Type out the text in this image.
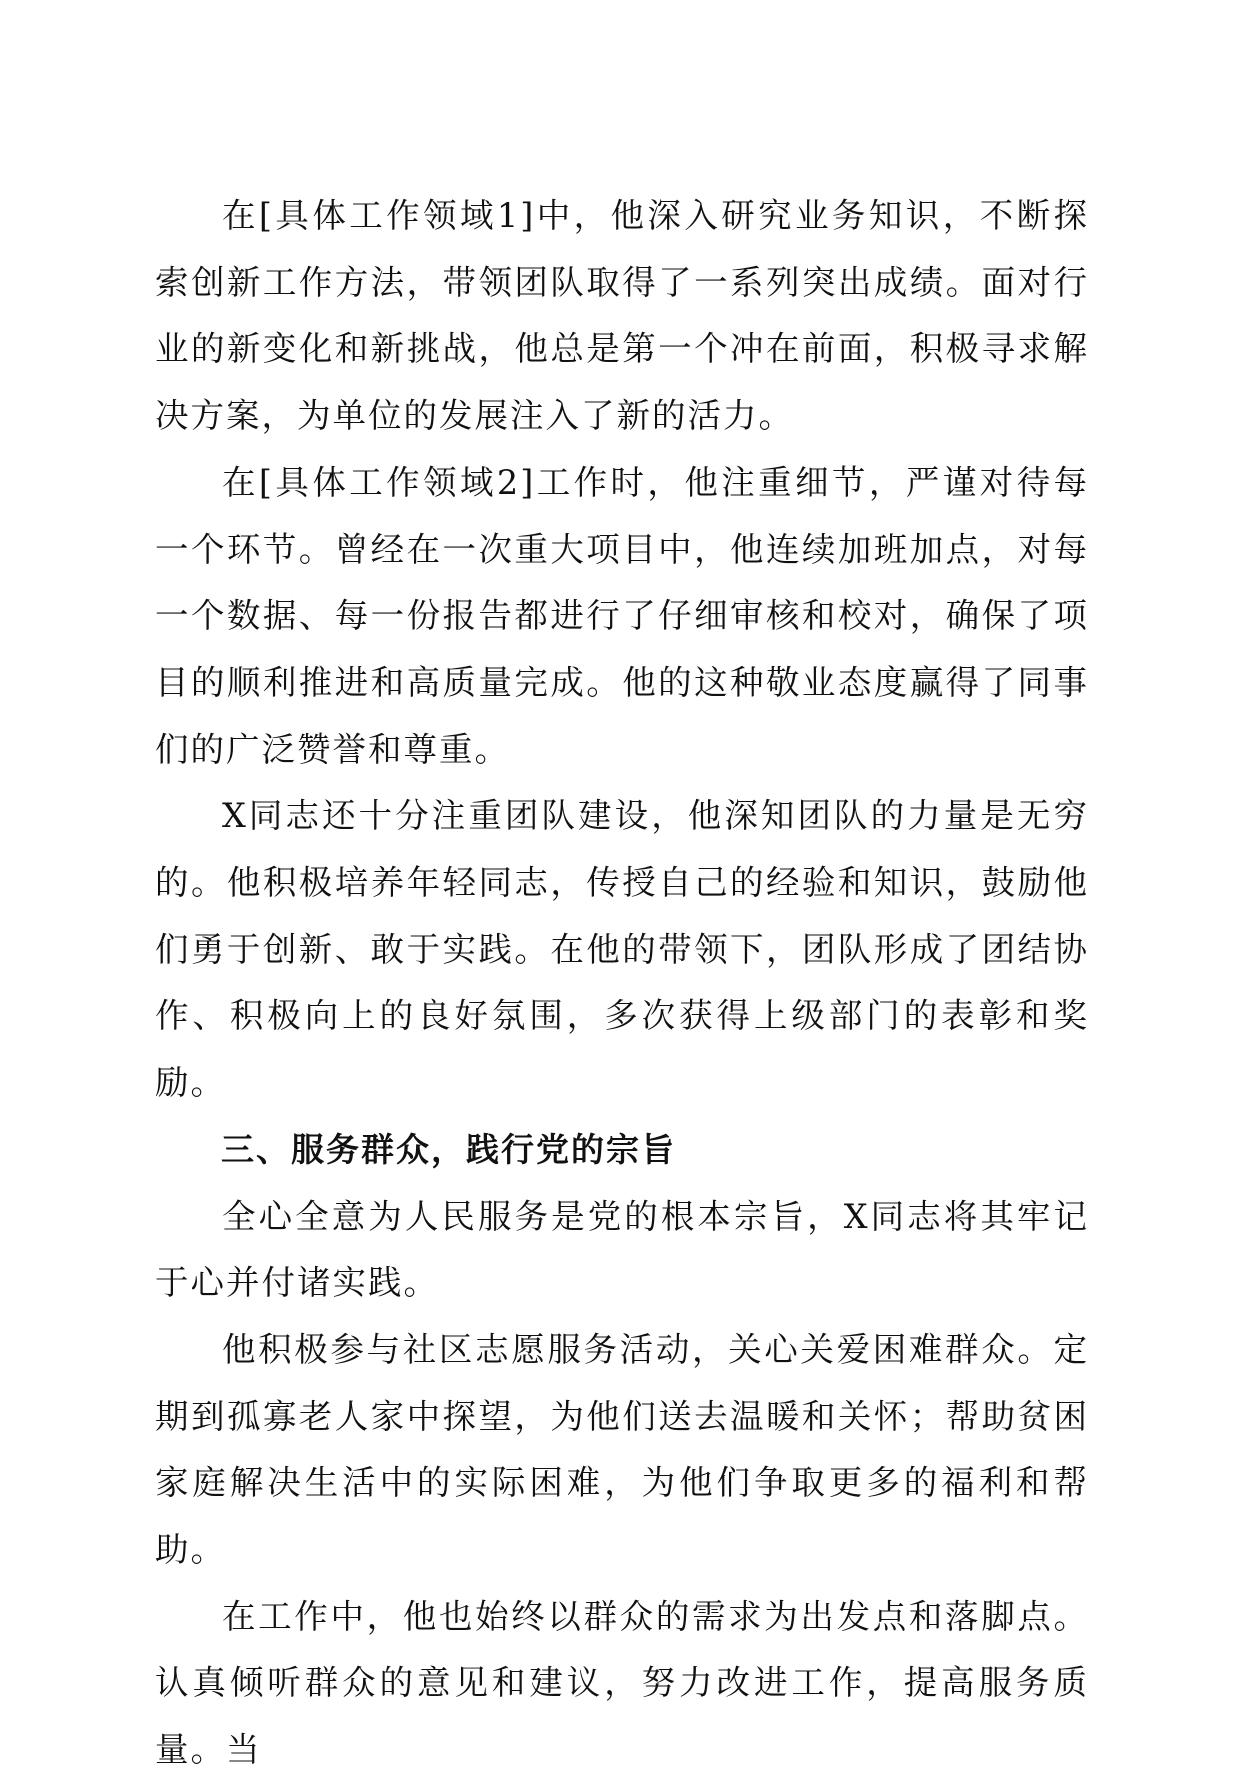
在[具体工作领域1]中，他深入研究业务知识，不断探索创新工作方法，带领团队取得了一系列突出成绩。面对行业的新变化和新挑战，他总是第一个冲在前面，积极寻求解决方案，为单位的发展注入了新的活力。

在[具体工作领域2]工作时，他注重细节，严谨对待每一个环节。曾经在一次重大项目中，他连续加班加点，对每一个数据、每一份报告都进行了仔细审核和校对，确保了项目的顺利推进和高质量完成。他的这种敬业态度赢得了同事们的广泛赞誉和尊重。

X同志还十分注重团队建设，他深知团队的力量是无穷的。他积极培养年轻同志，传授自己的经验和知识，鼓励他们勇于创新、敢于实践。在他的带领下，团队形成了团结协作、积极向上的良好氛围，多次获得上级部门的表彰和奖励。

三、服务群众，践行党的宗旨

全心全意为人民服务是党的根本宗旨，X同志将其牢记于心并付诸实践。

他积极参与社区志愿服务活动，关心关爱困难群众。定期到孤寡老人家中探望，为他们送去温暖和关怀；帮助贫困家庭解决生活中的实际困难，为他们争取更多的福利和帮助。

在工作中，他也始终以群众的需求为出发点和落脚点。认真倾听群众的意见和建议，努力改进工作，提高服务质量。当
